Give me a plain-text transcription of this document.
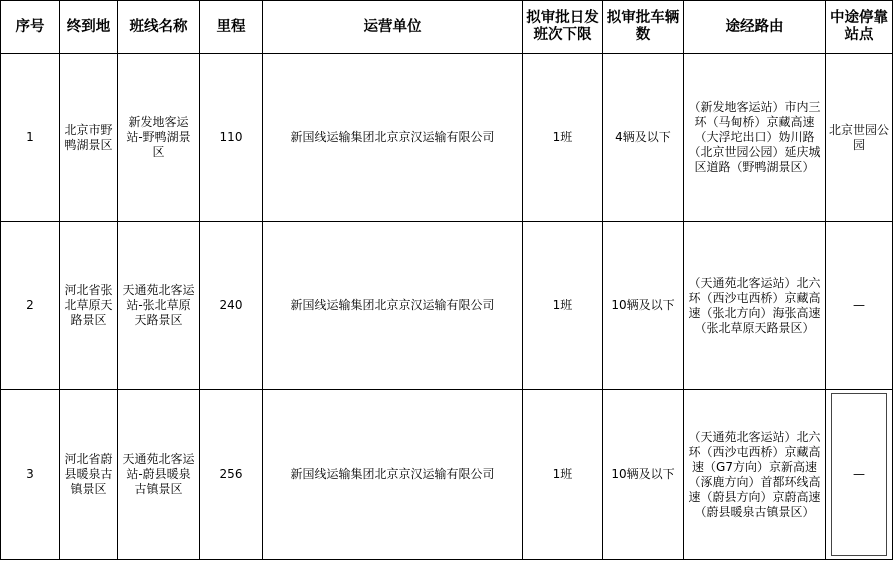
序号	终到地	班线名称	里程	运营单位	拟审批日发班次下限	拟审批车辆数	途经路由	中途停靠站点
1	北京市野鸭湖景区	新发地客运站-野鸭湖景区	110	新国线运输集团北京京汉运输有限公司	1班	4辆及以下	（新发地客运站）市内三环（马甸桥）京藏高速（大浮坨出口）妫川路（北京世园公园）延庆城区道路（野鸭湖景区）	北京世园公园
2	河北省张北草原天路景区	天通苑北客运站-张北草原天路景区	240	新国线运输集团北京京汉运输有限公司	1班	10辆及以下	（天通苑北客运站）北六环（西沙屯西桥）京藏高速（张北方向）海张高速（张北草原天路景区）	—
3	河北省蔚县暖泉古镇景区	天通苑北客运站-蔚县暖泉古镇景区	256	新国线运输集团北京京汉运输有限公司	1班	10辆及以下	（天通苑北客运站）北六环（西沙屯西桥）京藏高速（G7方向）京新高速（涿鹿方向）首都环线高速（蔚县方向）京蔚高速（蔚县暖泉古镇景区）	—
